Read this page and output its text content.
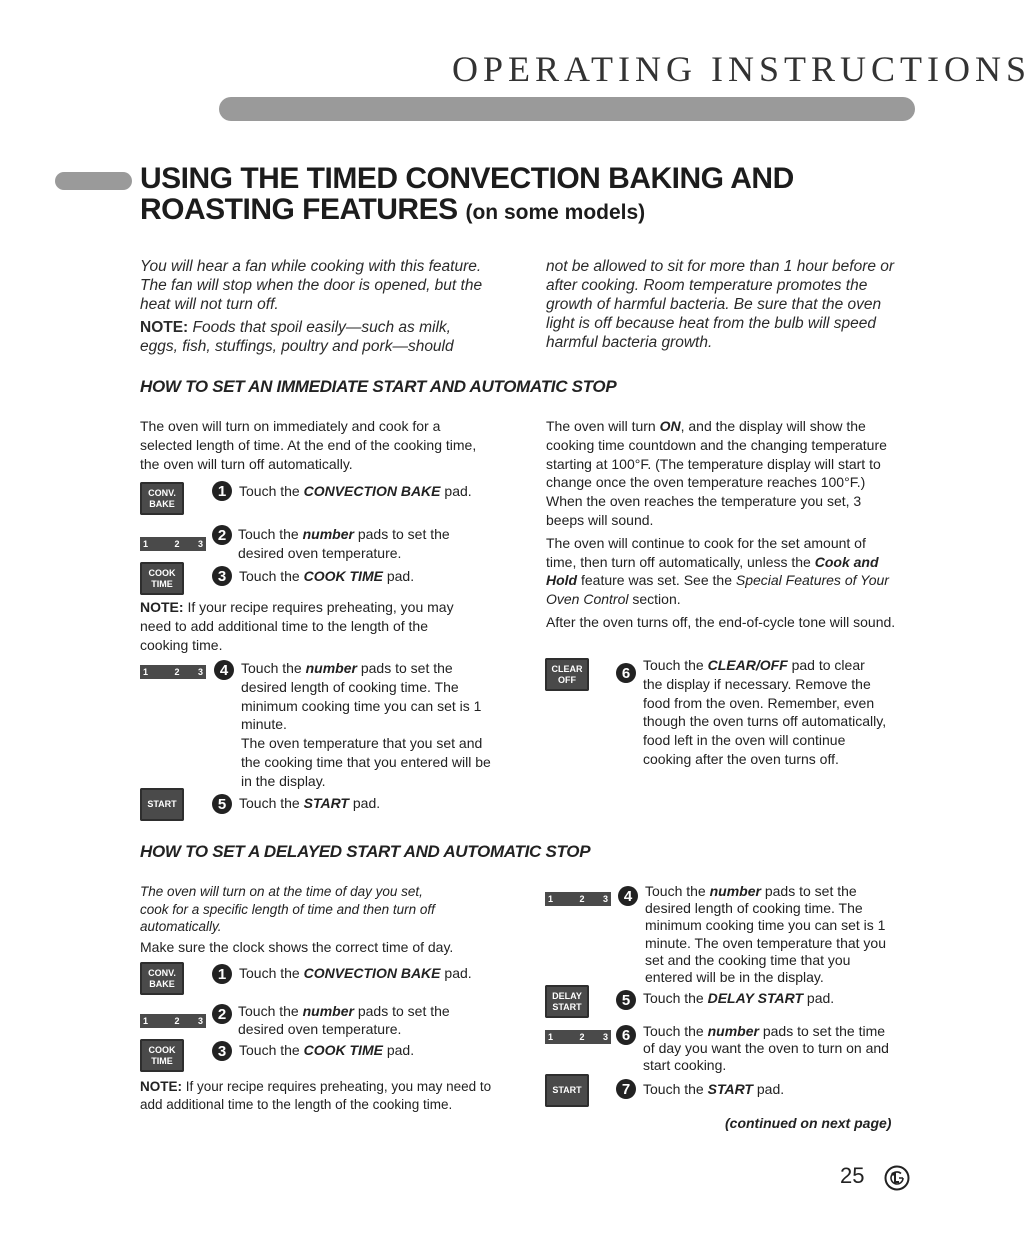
OPERATING INSTRUCTIONS
USING THE TIMED CONVECTION BAKING AND
ROASTING FEATURES (on some models)

You will hear a fan while cooking with this feature. The fan will stop when the door is opened, but the heat will not turn off.

NOTE: Foods that spoil easily—such as milk, eggs, fish, stuffings, poultry and pork—should

not be allowed to sit for more than 1 hour before or after cooking. Room temperature promotes the growth of harmful bacteria. Be sure that the oven light is off because heat from the bulb will speed harmful bacteria growth.
HOW TO SET AN IMMEDIATE START AND AUTOMATIC STOP
The oven will turn on immediately and cook for a selected length of time. At the end of the cooking time, the oven will turn off automatically.
CONV.
BAKE
1 Touch the CONVECTION BAKE pad.
1	2 3
2 Touch the number pads to set the desired oven temperature.
COOK
TIME	3 Touch the COOK TIME pad.
NOTE: If your recipe requires preheating, you may need to add additional time to the length of the cooking time.
1	2 3	4 Touch the number pads to set the desired length of cooking time. The minimum cooking time you can set is 1 minute.
The oven temperature that you set and the cooking time that you entered will be in the display.
START	5 Touch the START pad.

The oven will turn ON, and the display will show the cooking time countdown and the changing temperature starting at 100°F. (The temperature display will start to change once the oven temperature reaches 100°F.) When the oven reaches the temperature you set, 3 beeps will sound.

The oven will continue to cook for the set amount of time, then turn off automatically, unless the Cook and Hold feature was set. See the Special Features of Your Oven Control section.

After the oven turns off, the end-of-cycle tone will sound.

CLEAR
OFF	6 Touch the CLEAR/OFF pad to clear the display if necessary. Remove the food from the oven. Remember, even though the oven turns off automatically, food left in the oven will continue cooking after the oven turns off.
HOW TO SET A DELAYED START AND AUTOMATIC STOP
The oven will turn on at the time of day you set, cook for a specific length of time and then turn off automatically.
Make sure the clock shows the correct time of day.
CONV.
BAKE
1 Touch the CONVECTION BAKE pad.
1	2 3 2 Touch the number pads to set the desired oven temperature.
COOK
TIME
3 Touch the COOK TIME pad.
NOTE: If your recipe requires preheating, you may need to add additional time to the length of the cooking time.
1	2 3	4 Touch the number pads to set the desired length of cooking time. The minimum cooking time you can set is 1 minute. The oven temperature that you set and the cooking time that you entered will be in the display.
DELAY
START	5 Touch the DELAY START pad.
1	2 3 6 Touch the number pads to set the time of day you want the oven to turn on and start cooking.
START	7 Touch the START pad.
(continued on next page)
25
